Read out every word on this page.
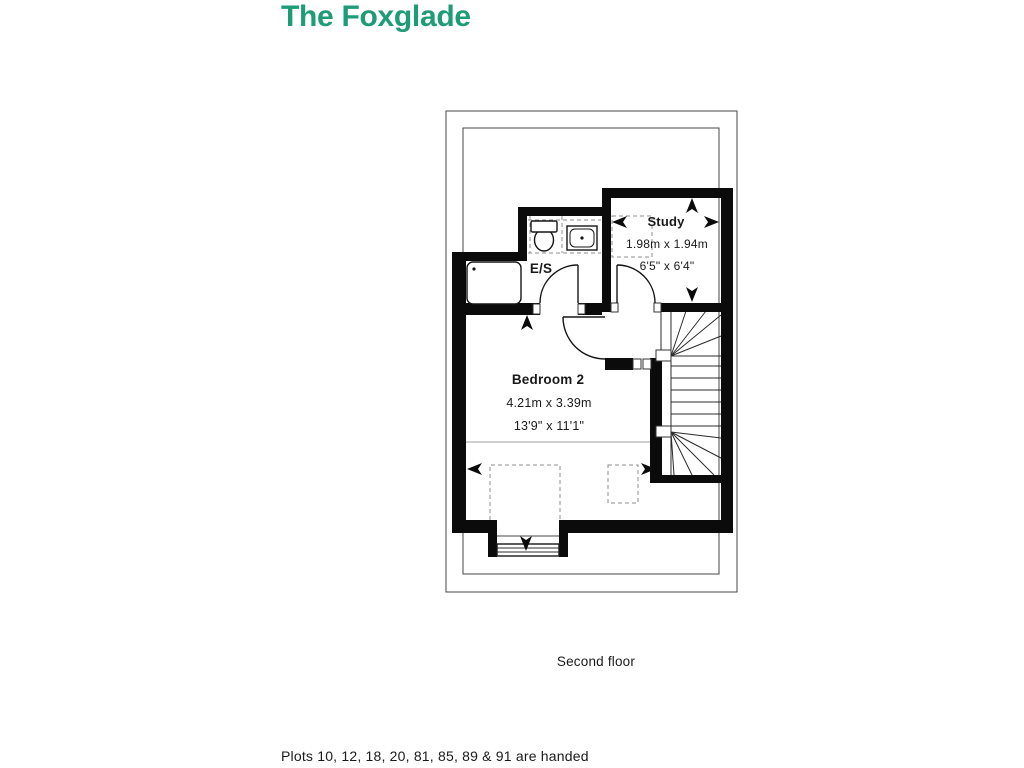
The Foxglade
Study
1.98m x 1.94m
6'5" x 6'4"
E/S
Bedroom 2
4.21m x 3.39m
13'9" x 11'1"
Second floor
Plots 10, 12, 18, 20, 81, 85, 89 & 91 are handed
